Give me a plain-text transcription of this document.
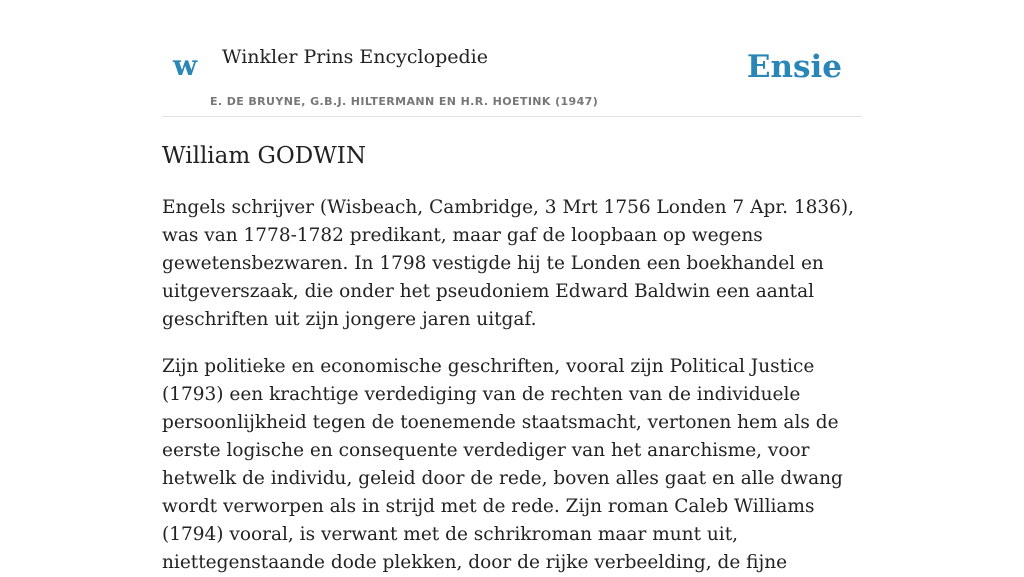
w Winkler Prins Encyclopedie
E. DE BRUYNE, G.B.J. HILTERMANN EN H.R. HOETINK (1947)
Ensie
William GODWIN

Engels schrijver (Wisbeach, Cambridge, 3 Mrt 1756 Londen 7 Apr. 1836), was van 1778-1782 predikant, maar gaf de loopbaan op wegens gewetensbezwaren. In 1798 vestigde hij te Londen een boekhandel en uitgeverszaak, die onder het pseudoniem Edward Baldwin een aantal geschriften uit zijn jongere jaren uitgaf.

Zijn politieke en economische geschriften, vooral zijn Political Justice (1793) een krachtige verdediging van de rechten van de individuele persoonlijkheid tegen de toenemende staatsmacht, vertonen hem als de eerste logische en consequente verdediger van het anarchisme, voor hetwelk de individu, geleid door de rede, boven alles gaat en alle dwang wordt verworpen als in strijd met de rede. Zijn roman Caleb Williams (1794) vooral, is verwant met de schrikroman maar munt uit, niettegenstaande dode plekken, door de rijke verbeelding, de fijne
